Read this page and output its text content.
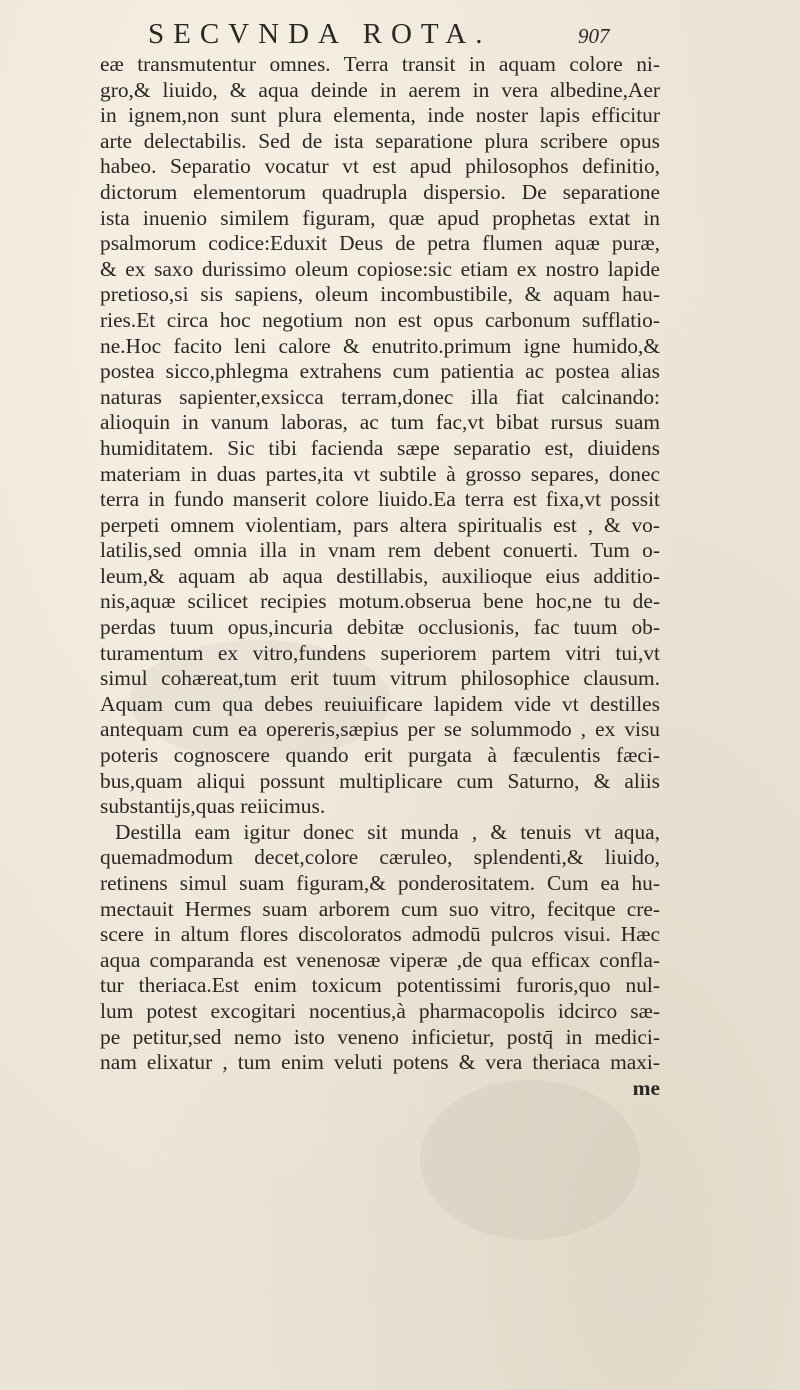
SECVNDA ROTA.	907
eæ transmutentur omnes. Terra transit in aquam colore ni-
gro,& liuido, & aqua deinde in aerem in vera albedine,Aer
in ignem,non sunt plura elementa, inde noster lapis efficitur
arte delectabilis. Sed de ista separatione plura scribere opus
habeo. Separatio vocatur vt est apud philosophos definitio,
dictorum elementorum quadrupla dispersio. De separatione
ista inuenio similem figuram, quæ apud prophetas extat in
psalmorum codice:Eduxit Deus de petra flumen aquæ puræ,
& ex saxo durissimo oleum copiose:sic etiam ex nostro lapide
pretioso,si sis sapiens, oleum incombustibile, & aquam hau-
ries.Et circa hoc negotium non est opus carbonum sufflatio-
ne.Hoc facito leni calore & enutrito.primum igne humido,&
postea sicco,phlegma extrahens cum patientia ac postea alias
naturas sapienter,exsicca terram,donec illa fiat calcinando:
alioquin in vanum laboras, ac tum fac,vt bibat rursus suam
humiditatem. Sic tibi facienda sæpe separatio est, diuidens
materiam in duas partes,ita vt subtile à grosso separes, donec
terra in fundo manserit colore liuido.Ea terra est fixa,vt possit
perpeti omnem violentiam, pars altera spiritualis est , & vo-
latilis,sed omnia illa in vnam rem debent conuerti. Tum o-
leum,& aquam ab aqua destillabis, auxilioque eius additio-
nis,aquæ scilicet recipies motum.obserua bene hoc,ne tu de-
perdas tuum opus,incuria debitæ occlusionis, fac tuum ob-
turamentum ex vitro,fundens superiorem partem vitri tui,vt
simul cohæreat,tum erit tuum vitrum philosophice clausum.
Aquam cum qua debes reuiuificare lapidem vide vt destilles
antequam cum ea opereris,sæpius per se solummodo , ex visu
poteris cognoscere quando erit purgata à fæculentis fæci-
bus,quam aliqui possunt multiplicare cum Saturno, & aliis
substantijs,quas reiicimus.
Destilla eam igitur donec sit munda , & tenuis vt aqua,
quemadmodum decet,colore cæruleo, splendenti,& liuido,
retinens simul suam figuram,& ponderositatem. Cum ea hu-
mectauit Hermes suam arborem cum suo vitro, fecitque cre-
scere in altum flores discoloratos admodū pulcros visui. Hæc
aqua comparanda est venenosæ viperæ ,de qua efficax confla-
tur theriaca.Est enim toxicum potentissimi furoris,quo nul-
lum potest excogitari nocentius,à pharmacopolis idcirco sæ-
pe petitur,sed nemo isto veneno inficietur, postq̄ in medici-
nam elixatur , tum enim veluti potens & vera theriaca maxi-
me
